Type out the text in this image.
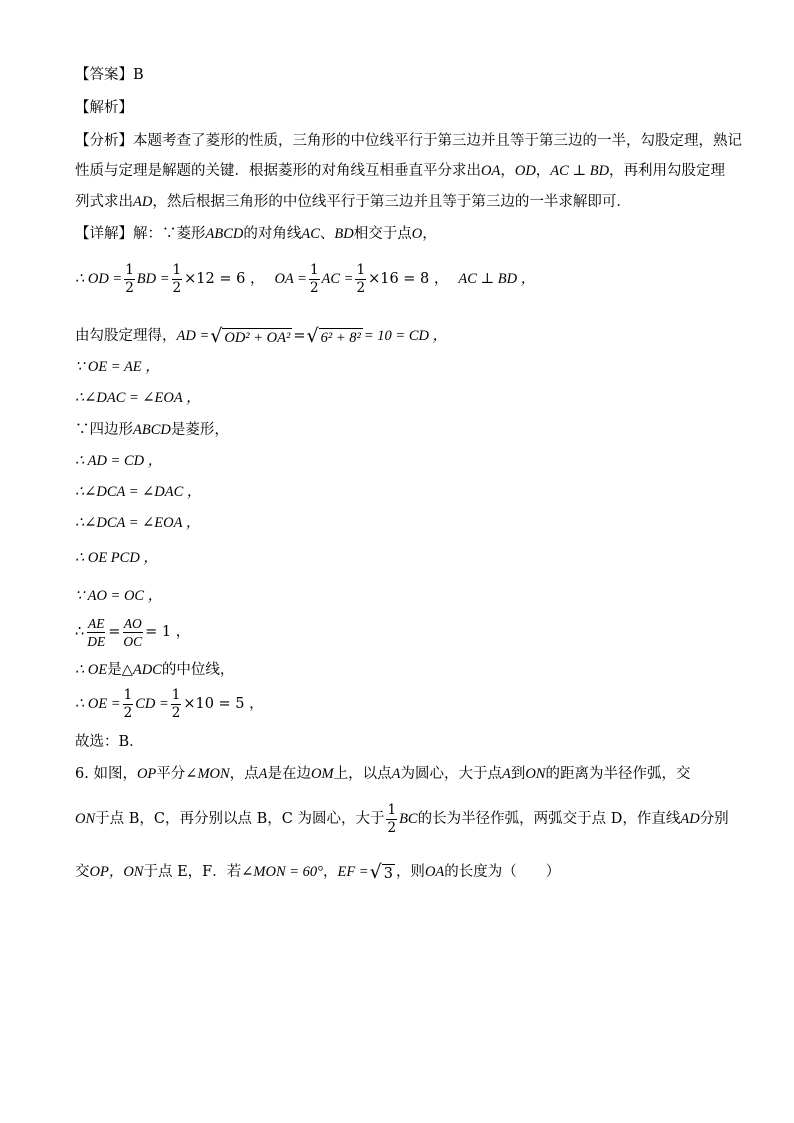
【答案】B
【解析】
【分析】本题考查了菱形的性质，三角形的中位线平行于第三边并且等于第三边的一半，勾股定理，熟记
性质与定理是解题的关键．根据菱形的对角线互相垂直平分求出OA，OD，AC ⊥ BD，再利用勾股定理
列式求出AD，然后根据三角形的中位线平行于第三边并且等于第三边的一半求解即可．
【详解】解：∵菱形ABCD的对角线AC、BD相交于点O，
∴ OD = $\frac{1}{2}$ BD = $\frac{1}{2} \times 12 = 6$ ， OA = $\frac{1}{2}$ AC = $\frac{1}{2} \times 16 = 8$ ， AC ⊥ BD ，
由勾股定理得， AD = √ OD² + OA² = √ 6² + 8² = 10 = CD ，
∵ OE = AE ，
∴∠DAC = ∠EOA ，
∵四边形ABCD是菱形，
∴ AD = CD ，
∴∠DCA = ∠DAC ，
∴∠DCA = ∠EOA ，
∴ OE PCD ，
∵ AO = OC ，
∴ $\frac{AE}{DE} = \frac{AO}{OC} = 1$ ，
∴ OE是△ADC的中位线，
∴ OE = $\frac{1}{2}$ CD = $\frac{1}{2} \times 10 = 5$ ，
故选：B．
6. 如图，OP平分∠MON，点A是在边OM上，以点A为圆心，大于点A到ON的距离为半径作弧，交
ON 于点 B，C，再分别以点 B，C 为圆心，大于 $\frac{1}{2}$ BC 的长为半径作弧，两弧交于点 D，作直线 AD 分别
交 OP，ON 于点 E，F．若 ∠MON = 60° ， EF = √ 3 ，则 OA 的长度为（　　）
